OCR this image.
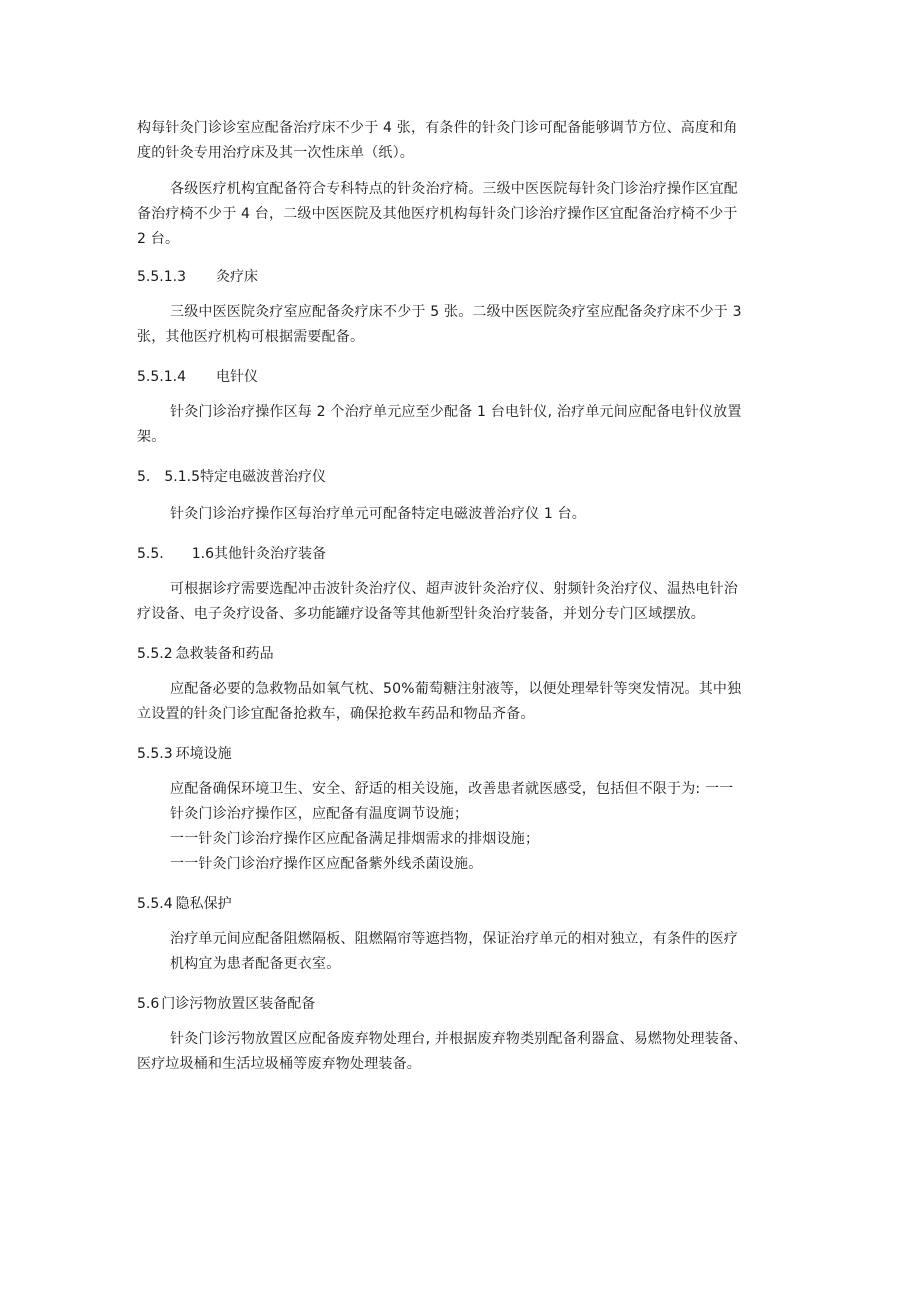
构每针灸门诊诊室应配备治疗床不少于 4 张，有条件的针灸门诊可配备能够调节方位、高度和角
度的针灸专用治疗床及其一次性床单（纸）。
各级医疗机构宜配备符合专科特点的针灸治疗椅。三级中医医院每针灸门诊治疗操作区宜配
备治疗椅不少于 4 台，二级中医医院及其他医疗机构每针灸门诊治疗操作区宜配备治疗椅不少于
2 台。
5.5.1.3 灸疗床
三级中医医院灸疗室应配备灸疗床不少于 5 张。二级中医医院灸疗室应配备灸疗床不少于 3
张，其他医疗机构可根据需要配备。
5.5.1.4 电针仪
针灸门诊治疗操作区每 2 个治疗单元应至少配备 1 台电针仪, 治疗单元间应配备电针仪放置
架。
5. 5.1.5特定电磁波普治疗仪
针灸门诊治疗操作区每治疗单元可配备特定电磁波普治疗仪 1 台。
5.5. 1.6其他针灸治疗装备
可根据诊疗需要选配冲击波针灸治疗仪、超声波针灸治疗仪、射频针灸治疗仪、温热电针治
疗设备、电子灸疗设备、多功能罐疗设备等其他新型针灸治疗装备，并划分专门区域摆放。
5.5.2 急救装备和药品
应配备必要的急救物品如氧气枕、50%葡萄糖注射液等，以便处理晕针等突发情况。其中独
立设置的针灸门诊宜配备抢救车，确保抢救车药品和物品齐备。
5.5.3 环境设施
应配备确保环境卫生、安全、舒适的相关设施，改善患者就医感受，包括但不限于为: 一一
针灸门诊治疗操作区，应配备有温度调节设施；
一一针灸门诊治疗操作区应配备满足排烟需求的排烟设施；
一一针灸门诊治疗操作区应配备紫外线杀菌设施。
5.5.4 隐私保护
治疗单元间应配备阻燃隔板、阻燃隔帘等遮挡物，保证治疗单元的相对独立，有条件的医疗
机构宜为患者配备更衣室。
5.6 门诊污物放置区装备配备
针灸门诊污物放置区应配备废弃物处理台, 并根据废弃物类别配备利器盒、易燃物处理装备、
医疗垃圾桶和生活垃圾桶等废弃物处理装备。
